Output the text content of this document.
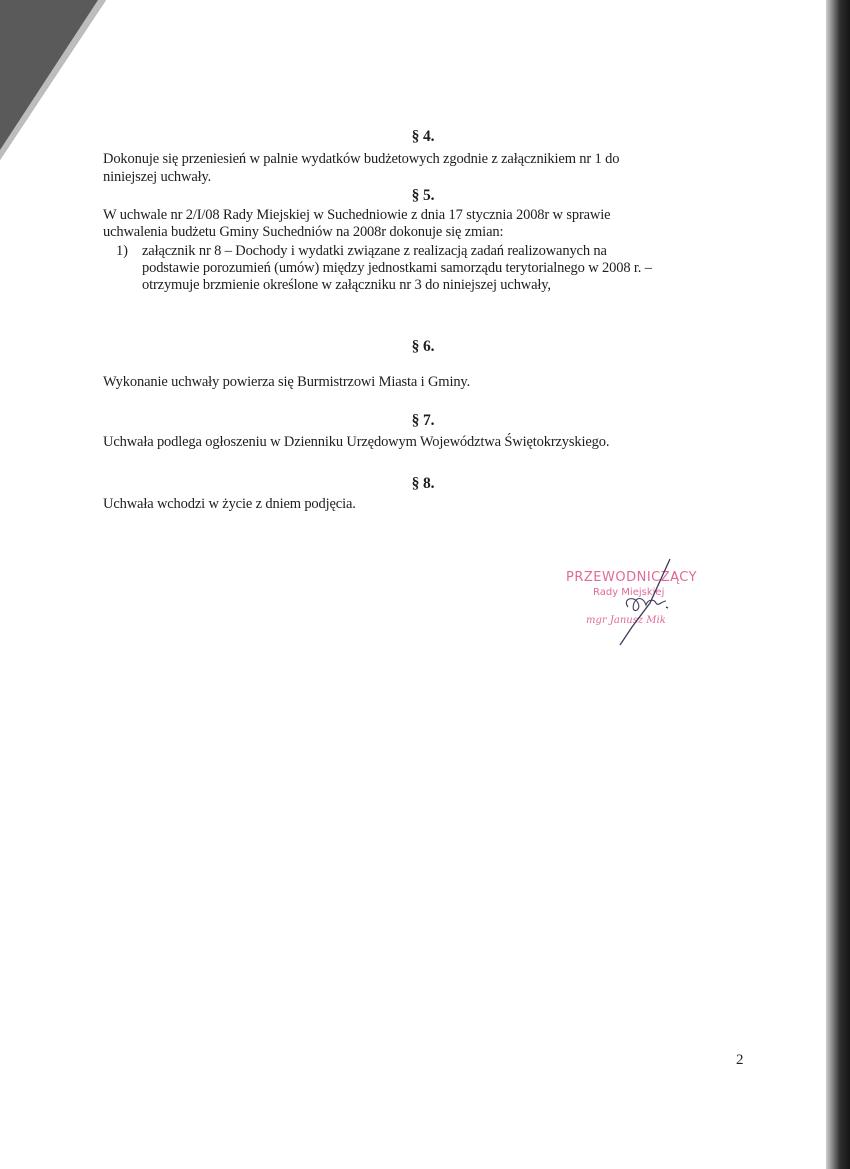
§ 4.
Dokonuje się przeniesień w palnie wydatków budżetowych zgodnie z załącznikiem nr 1 do
niniejszej uchwały.
§ 5.
W uchwale nr 2/I/08 Rady Miejskiej w Suchedniowie z dnia 17 stycznia 2008r w sprawie
uchwalenia budżetu Gminy Suchedniów na 2008r dokonuje się zmian:
1) załącznik nr 8 – Dochody i wydatki związane z realizacją zadań realizowanych na
podstawie porozumień (umów) między jednostkami samorządu terytorialnego w 2008 r. –
otrzymuje brzmienie określone w załączniku nr 3 do niniejszej uchwały,
§ 6.
Wykonanie uchwały powierza się Burmistrzowi Miasta i Gminy.
§ 7.
Uchwała podlega ogłoszeniu w Dzienniku Urzędowym Województwa Świętokrzyskiego.
§ 8.
Uchwała wchodzi w życie z dniem podjęcia.
PRZEWODNICZĄCY
Rady Miejskiej
mgr Janusz Mik
2
